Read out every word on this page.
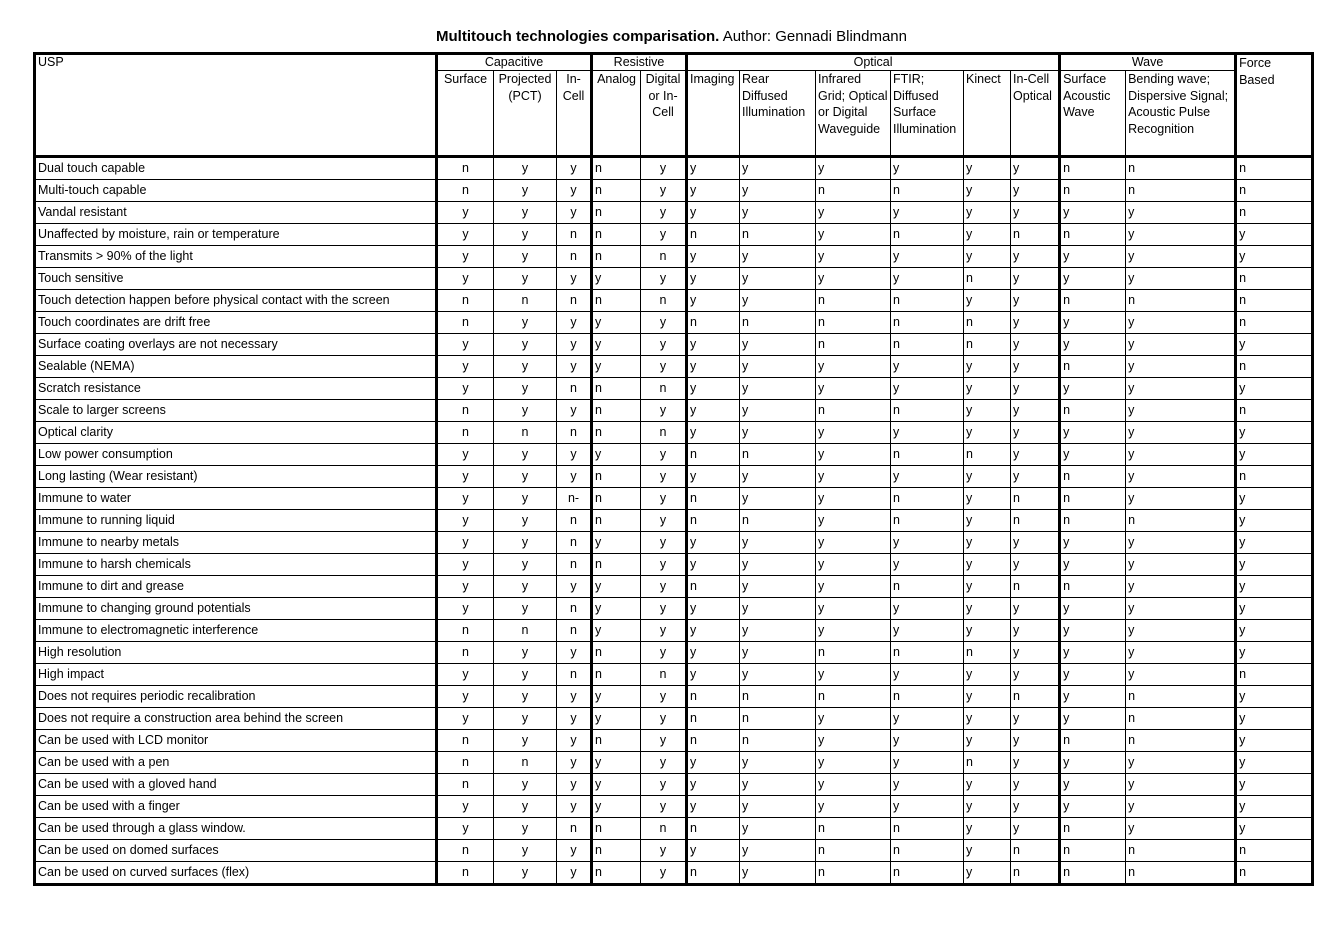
Multitouch technologies comparisation. Author: Gennadi Blindmann
USP	Capacitive			Resistive		Optical						Wave		Force Based
	Surface	Projected (PCT)	In-Cell	Analog	Digital or In-Cell	Imaging	Rear Diffused Illumination	Infrared Grid; Optical or Digital Waveguide	FTIR; Diffused Surface Illumination	Kinect	In-Cell Optical	Surface Acoustic Wave	Bending wave; Dispersive Signal; Acoustic Pulse Recognition	
Dual touch capable	n	y	y	n	y	y	y	y	y	y	y	n	n	n
Multi-touch capable	n	y	y	n	y	y	y	n	n	y	y	n	n	n
Vandal resistant	y	y	y	n	y	y	y	y	y	y	y	y	y	n
Unaffected by moisture, rain or temperature	y	y	n	n	y	n	n	y	n	y	n	n	y	y
Transmits > 90% of the light	y	y	n	n	n	y	y	y	y	y	y	y	y	y
Touch sensitive	y	y	y	y	y	y	y	y	y	n	y	y	y	n
Touch detection happen before physical contact with the screen	n	n	n	n	n	y	y	n	n	y	y	n	n	n
Touch coordinates are drift free	n	y	y	y	y	n	n	n	n	n	y	y	y	n
Surface coating overlays are not necessary	y	y	y	y	y	y	y	n	n	n	y	y	y	y
Sealable (NEMA)	y	y	y	y	y	y	y	y	y	y	y	n	y	n
Scratch resistance	y	y	n	n	n	y	y	y	y	y	y	y	y	y
Scale to larger screens	n	y	y	n	y	y	y	n	n	y	y	n	y	n
Optical clarity	n	n	n	n	n	y	y	y	y	y	y	y	y	y
Low power consumption	y	y	y	y	y	n	n	y	n	n	y	y	y	y
Long lasting (Wear resistant)	y	y	y	n	y	y	y	y	y	y	y	n	y	n
Immune to water	y	y	n-	n	y	n	y	y	n	y	n	n	y	y
Immune to running liquid	y	y	n	n	y	n	n	y	n	y	n	n	n	y
Immune to nearby metals	y	y	n	y	y	y	y	y	y	y	y	y	y	y
Immune to harsh chemicals	y	y	n	n	y	y	y	y	y	y	y	y	y	y
Immune to dirt and grease	y	y	y	y	y	n	y	y	n	y	n	n	y	y
Immune to changing ground potentials	y	y	n	y	y	y	y	y	y	y	y	y	y	y
Immune to electromagnetic interference	n	n	n	y	y	y	y	y	y	y	y	y	y	y
High resolution	n	y	y	n	y	y	y	n	n	n	y	y	y	y
High impact	y	y	n	n	n	y	y	y	y	y	y	y	y	n
Does not requires periodic recalibration	y	y	y	y	y	n	n	n	n	y	n	y	n	y
Does not require a construction area behind the screen	y	y	y	y	y	n	n	y	y	y	y	y	n	y
Can be used with LCD monitor	n	y	y	n	y	n	n	y	y	y	y	n	n	y
Can be used with a pen	n	n	y	y	y	y	y	y	y	n	y	y	y	y
Can be used with a gloved hand	n	y	y	y	y	y	y	y	y	y	y	y	y	y
Can be used with a finger	y	y	y	y	y	y	y	y	y	y	y	y	y	y
Can be used through a glass window.	y	y	n	n	n	n	y	n	n	y	y	n	y	y
Can be used on domed surfaces	n	y	y	n	y	y	y	n	n	y	n	n	n	n
Can be used on curved surfaces (flex)	n	y	y	n	y	n	y	n	n	y	n	n	n	n
